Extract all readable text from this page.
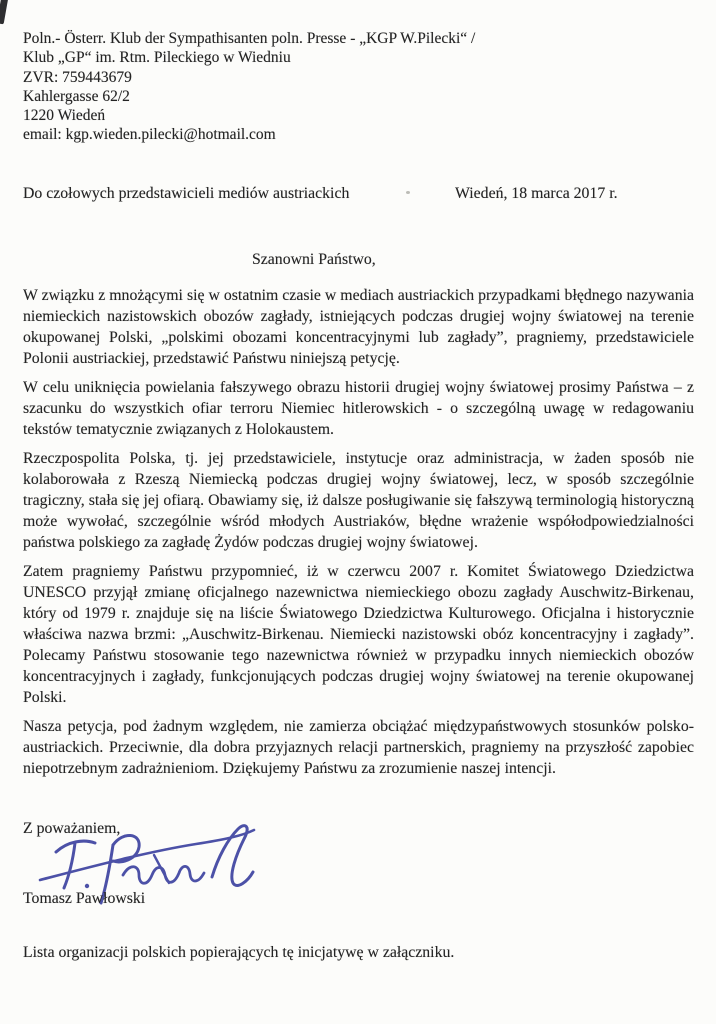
Poln.- Österr. Klub der Sympathisanten poln. Presse - „KGP W.Pilecki“ /
Klub „GP“ im. Rtm. Pileckiego w Wiedniu
ZVR: 759443679
Kahlergasse 62/2
1220 Wiedeń
email: kgp.wieden.pilecki@hotmail.com
Do czołowych przedstawicieli mediów austriackich	Wiedeń, 18 marca 2017 r.
Szanowni Państwo,

W związku z mnożącymi się w ostatnim czasie w mediach austriackich przypadkami błędnego nazywania niemieckich nazistowskich obozów zagłady, istniejących podczas drugiej wojny światowej na terenie okupowanej Polski, „polskimi obozami koncentracyjnymi lub zagłady”, pragniemy, przedstawiciele Polonii austriackiej, przedstawić Państwu niniejszą petycję.

W celu uniknięcia powielania fałszywego obrazu historii drugiej wojny światowej prosimy Państwa – z szacunku do wszystkich ofiar terroru Niemiec hitlerowskich - o szczególną uwagę w redagowaniu tekstów tematycznie związanych z Holokaustem.

Rzeczpospolita Polska, tj. jej przedstawiciele, instytucje oraz administracja, w żaden sposób nie kolaborowała z Rzeszą Niemiecką podczas drugiej wojny światowej, lecz, w sposób szczególnie tragiczny, stała się jej ofiarą. Obawiamy się, iż dalsze posługiwanie się fałszywą terminologią historyczną może wywołać, szczególnie wśród młodych Austriaków, błędne wrażenie współodpowiedzialności państwa polskiego za zagładę Żydów podczas drugiej wojny światowej.

Zatem pragniemy Państwu przypomnieć, iż w czerwcu 2007 r. Komitet Światowego Dziedzictwa UNESCO przyjął zmianę oficjalnego nazewnictwa niemieckiego obozu zagłady Auschwitz-Birkenau, który od 1979 r. znajduje się na liście Światowego Dziedzictwa Kulturowego. Oficjalna i historycznie właściwa nazwa brzmi: „Auschwitz-Birkenau. Niemiecki nazistowski obóz koncentracyjny i zagłady”. Polecamy Państwu stosowanie tego nazewnictwa również w przypadku innych niemieckich obozów koncentracyjnych i zagłady, funkcjonujących podczas drugiej wojny światowej na terenie okupowanej Polski.

Nasza petycja, pod żadnym względem, nie zamierza obciążać międzypaństwowych stosunków polsko-austriackich. Przeciwnie, dla dobra przyjaznych relacji partnerskich, pragniemy na przyszłość zapobiec niepotrzebnym zadrażnieniom. Dziękujemy Państwu za zrozumienie naszej intencji.

Z poważaniem,
Tomasz Pawłowski
Lista organizacji polskich popierających tę inicjatywę w załączniku.
